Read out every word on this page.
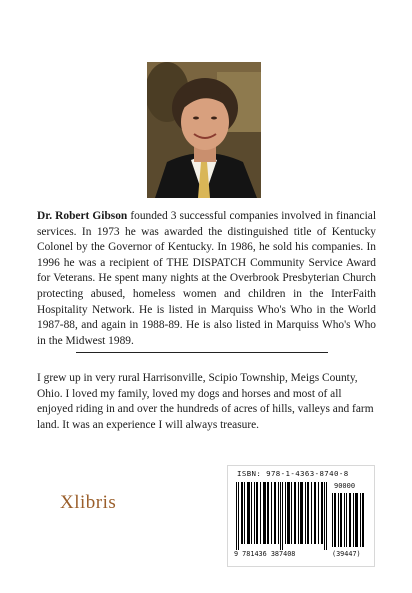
Dr. Robert Gibson founded 3 successful companies involved in financial services. In 1973 he was awarded the distinguished title of Kentucky Colonel by the Governor of Kentucky. In 1986, he sold his companies. In 1996 he was a recipient of THE DISPATCH Community Service Award for Veterans. He spent many nights at the Overbrook Presbyterian Church protecting abused, homeless women and children in the InterFaith Hospitality Network. He is listed in Marquiss Who's Who in the World 1987-88, and again in 1988-89. He is also listed in Marquiss Who's Who in the Midwest 1989.

I grew up in very rural Harrisonville, Scipio Township, Meigs County, Ohio. I loved my family, loved my dogs and horses and most of all enjoyed riding in and over the hundreds of acres of hills, valleys and farm land. It was an experience I will always treasure.

Xlibris
ISBN: 978-1-4363-8740-8
90000
9 781436 387408	(39447)
